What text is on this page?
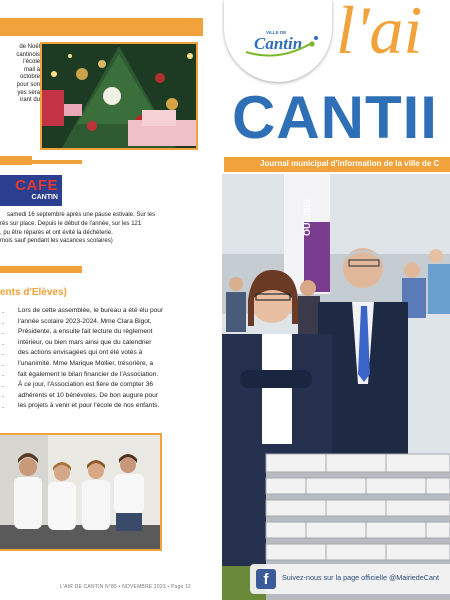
de Noël
cantinois
l'école
mail à
octobre
pour son
yes sera
irant du
CAFE
CANTIN
samedi 16 septembre après une pause estivale. Sur les
rés sur place. Depuis le début de l'année, sur les 121
, pu être réparés et ont évité la déchèterie.
mois sauf pendant les vacances scolaires)
ents d'Elèves)
-
-
-
-
-
-
-
-
-
-
Lors de cette assemblée, le bureau a été élu pour
l'année scolaire 2023-2024. Mme Clara Bigot,
Présidente, a ensuite fait lecture du règlement
intérieur, ou bien mars ainsi que du calendrier
des actions envisagées qui ont été votés à
l'unanimité. Mme Marique Mollier, trésorière, a
fait également le bilan financier de l'Association.
À ce jour, l'Association est fière de compter 36
adhérents et 10 bénévoles. De bon augure pour
les projets à venir et pour l'école de nos enfants.
L'AIR DE CANTIN N°85 • NOVEMBRE 2023 • Page 12
VILLE DE
Cantin l'ai
CANTII
Journal municipal d'information de la ville de C
OUAISIS
f	Suivez-nous sur la page officielle @MairiedeCant
